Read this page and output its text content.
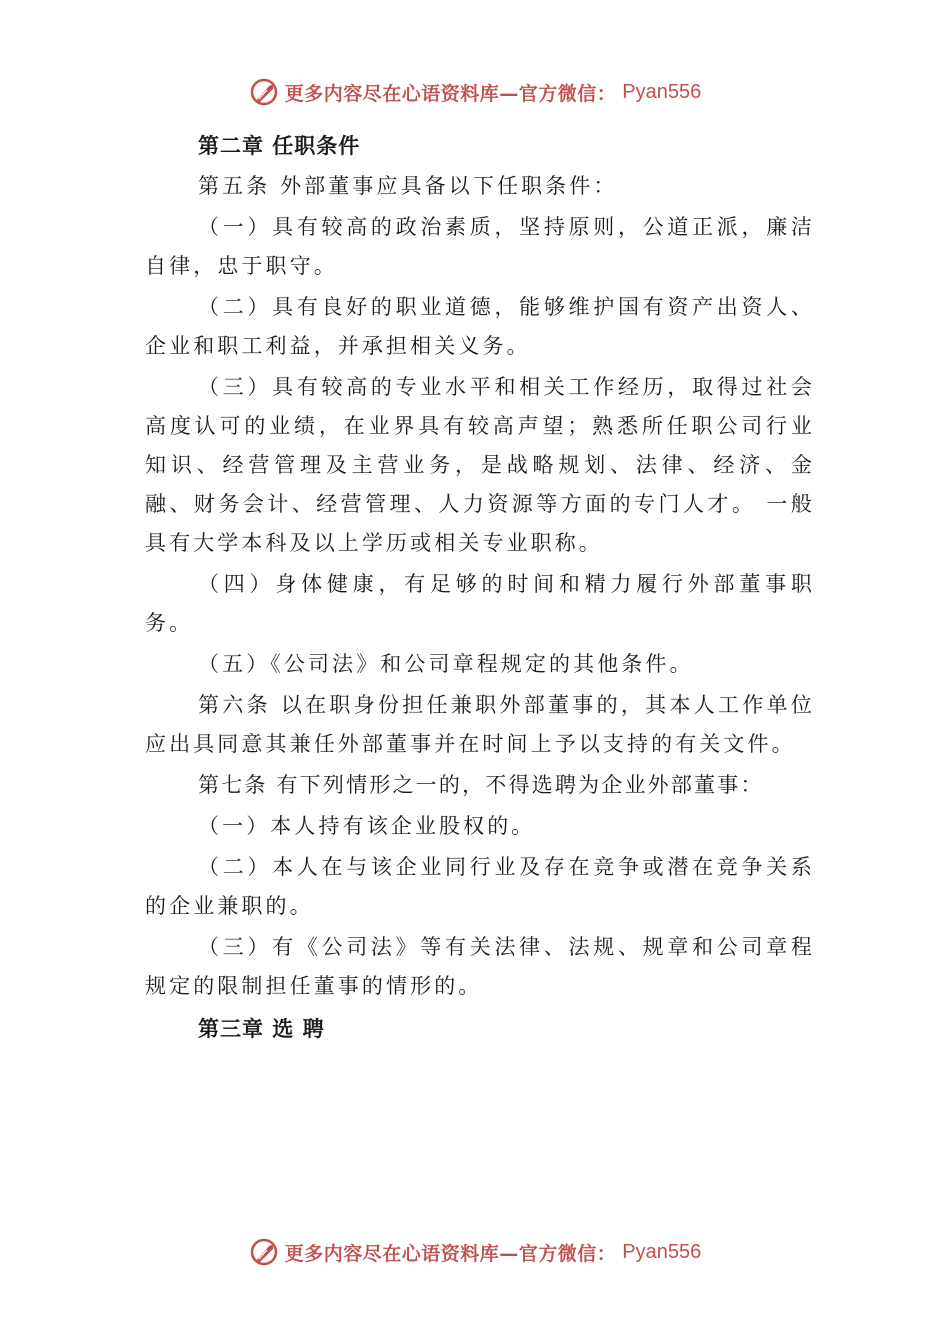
更多内容尽在心语资料库—官方微信： Pyan556
第二章 任职条件

第五条 外部董事应具备以下任职条件：

（一）具有较高的政治素质，坚持原则，公道正派，廉洁自律，忠于职守。

（二）具有良好的职业道德，能够维护国有资产出资人、企业和职工利益，并承担相关义务。

（三）具有较高的专业水平和相关工作经历，取得过社会高度认可的业绩，在业界具有较高声望；熟悉所任职公司行业知识、经营管理及主营业务，是战略规划、法律、经济、金融、财务会计、经营管理、人力资源等方面的专门人才。 一般具有大学本科及以上学历或相关专业职称。

（四）身体健康，有足够的时间和精力履行外部董事职务。

（五）《公司法》和公司章程规定的其他条件。

第六条 以在职身份担任兼职外部董事的，其本人工作单位应出具同意其兼任外部董事并在时间上予以支持的有关文件。

第七条 有下列情形之一的，不得选聘为企业外部董事：

（一）本人持有该企业股权的。

（二）本人在与该企业同行业及存在竞争或潜在竞争关系的企业兼职的。

（三）有《公司法》等有关法律、法规、规章和公司章程规定的限制担任董事的情形的。

第三章 选 聘
更多内容尽在心语资料库—官方微信： Pyan556
